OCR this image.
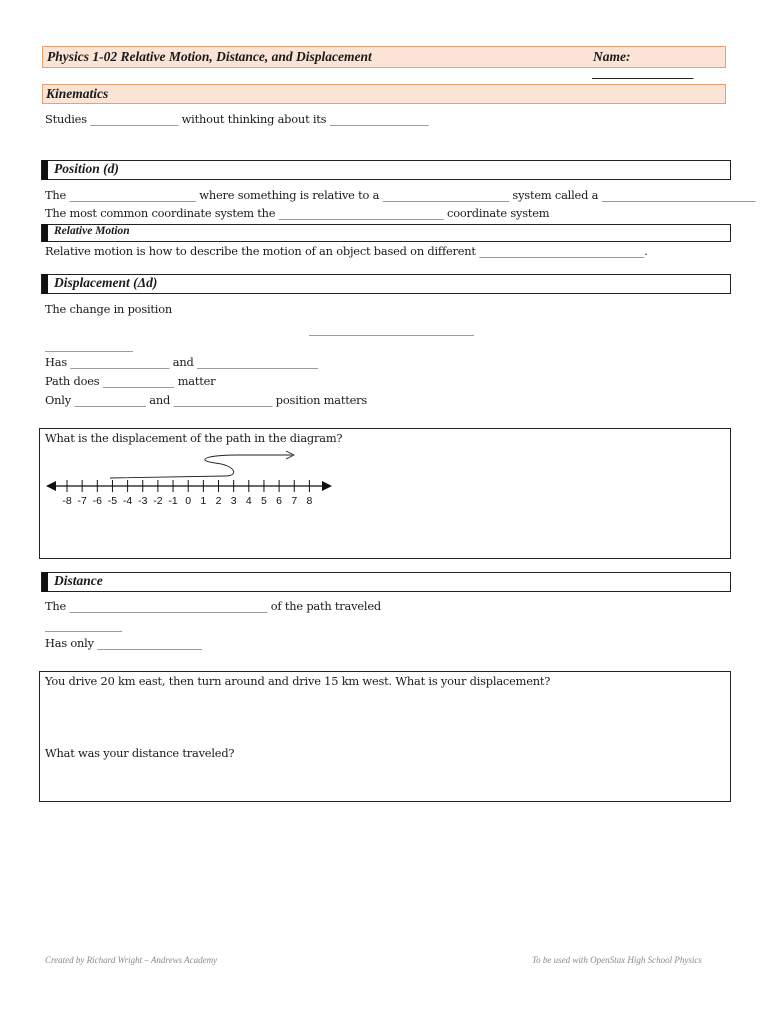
Physics 1-02 Relative Motion, Distance, and Displacement	Name: _______________
Kinematics
Studies ________________ without thinking about its __________________
Position (d)
The _______________________ where something is relative to a _______________________ system called a ____________________________
The most common coordinate system the ______________________________ coordinate system
Relative Motion
Relative motion is how to describe the motion of an object based on different ______________________________.
Displacement (Δd)
The change in position
______________________________
________________
Has __________________ and ______________________
Path does _____________ matter
Only _____________ and __________________ position matters
What is the displacement of the path in the diagram?
-8 -7 -6 -5 -4 -3 -2 -1 0 1 2 3 4 5 6 7 8
Distance
The ____________________________________ of the path traveled
______________
Has only ___________________
You drive 20 km east, then turn around and drive 15 km west. What is your displacement?
What was your distance traveled?
Created by Richard Wright – Andrews Academy	To be used with OpenStax High School Physics
